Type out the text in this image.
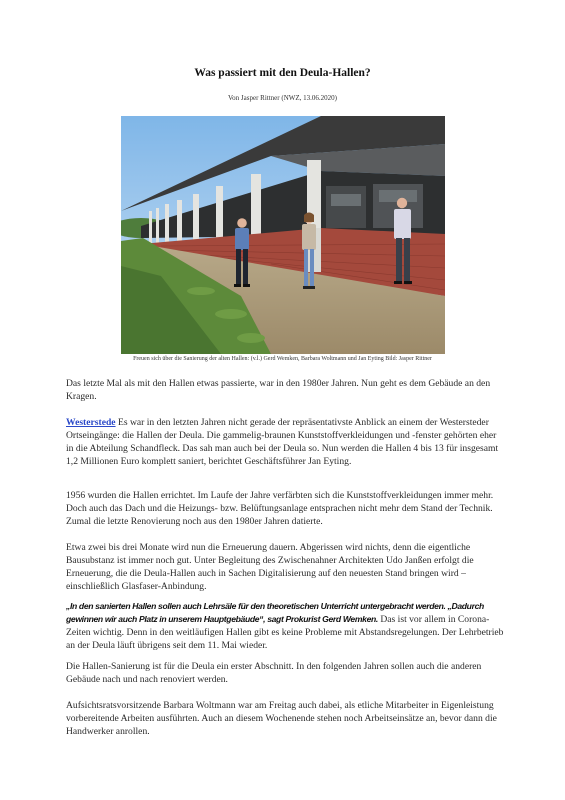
Was passiert mit den Deula-Hallen?
Von Jasper Rittner (NWZ, 13.06.2020)
Freuen sich über die Sanierung der alten Hallen: (v.l.) Gerd Wemken, Barbara Woltmann und Jan Eyting Bild: Jasper Rittner

Das letzte Mal als mit den Hallen etwas passierte, war in den 1980er Jahren. Nun geht es dem Gebäude an den Kragen.

Westerstede Es war in den letzten Jahren nicht gerade der repräsentativste Anblick an einem der Westersteder Ortseingänge: die Hallen der Deula. Die gammelig-braunen Kunststoffverkleidungen und -fenster gehörten eher in die Abteilung Schandfleck. Das sah man auch bei der Deula so. Nun werden die Hallen 4 bis 13 für insgesamt 1,2 Millionen Euro komplett saniert, berichtet Geschäftsführer Jan Eyting.

1956 wurden die Hallen errichtet. Im Laufe der Jahre verfärbten sich die Kunststoffverkleidungen immer mehr. Doch auch das Dach und die Heizungs- bzw. Belüftungsanlage entsprachen nicht mehr dem Stand der Technik. Zumal die letzte Renovierung noch aus den 1980er Jahren datierte.

Etwa zwei bis drei Monate wird nun die Erneuerung dauern. Abgerissen wird nichts, denn die eigentliche Bausubstanz ist immer noch gut. Unter Begleitung des Zwischenahner Architekten Udo Janßen erfolgt die Erneuerung, die die Deula-Hallen auch in Sachen Digitalisierung auf den neuesten Stand bringen wird – einschließlich Glasfaser-Anbindung.

„In den sanierten Hallen sollen auch Lehrsäle für den theoretischen Unterricht untergebracht werden. „Dadurch gewinnen wir auch Platz in unserem Hauptgebäude“, sagt Prokurist Gerd Wemken. Das ist vor allem in Corona-Zeiten wichtig. Denn in den weitläufigen Hallen gibt es keine Probleme mit Abstandsregelungen. Der Lehrbetrieb an der Deula läuft übrigens seit dem 11. Mai wieder.

Die Hallen-Sanierung ist für die Deula ein erster Abschnitt. In den folgenden Jahren sollen auch die anderen Gebäude nach und nach renoviert werden.

Aufsichtsratsvorsitzende Barbara Woltmann war am Freitag auch dabei, als etliche Mitarbeiter in Eigenleistung vorbereitende Arbeiten ausführten. Auch an diesem Wochenende stehen noch Arbeitseinsätze an, bevor dann die Handwerker anrollen.
